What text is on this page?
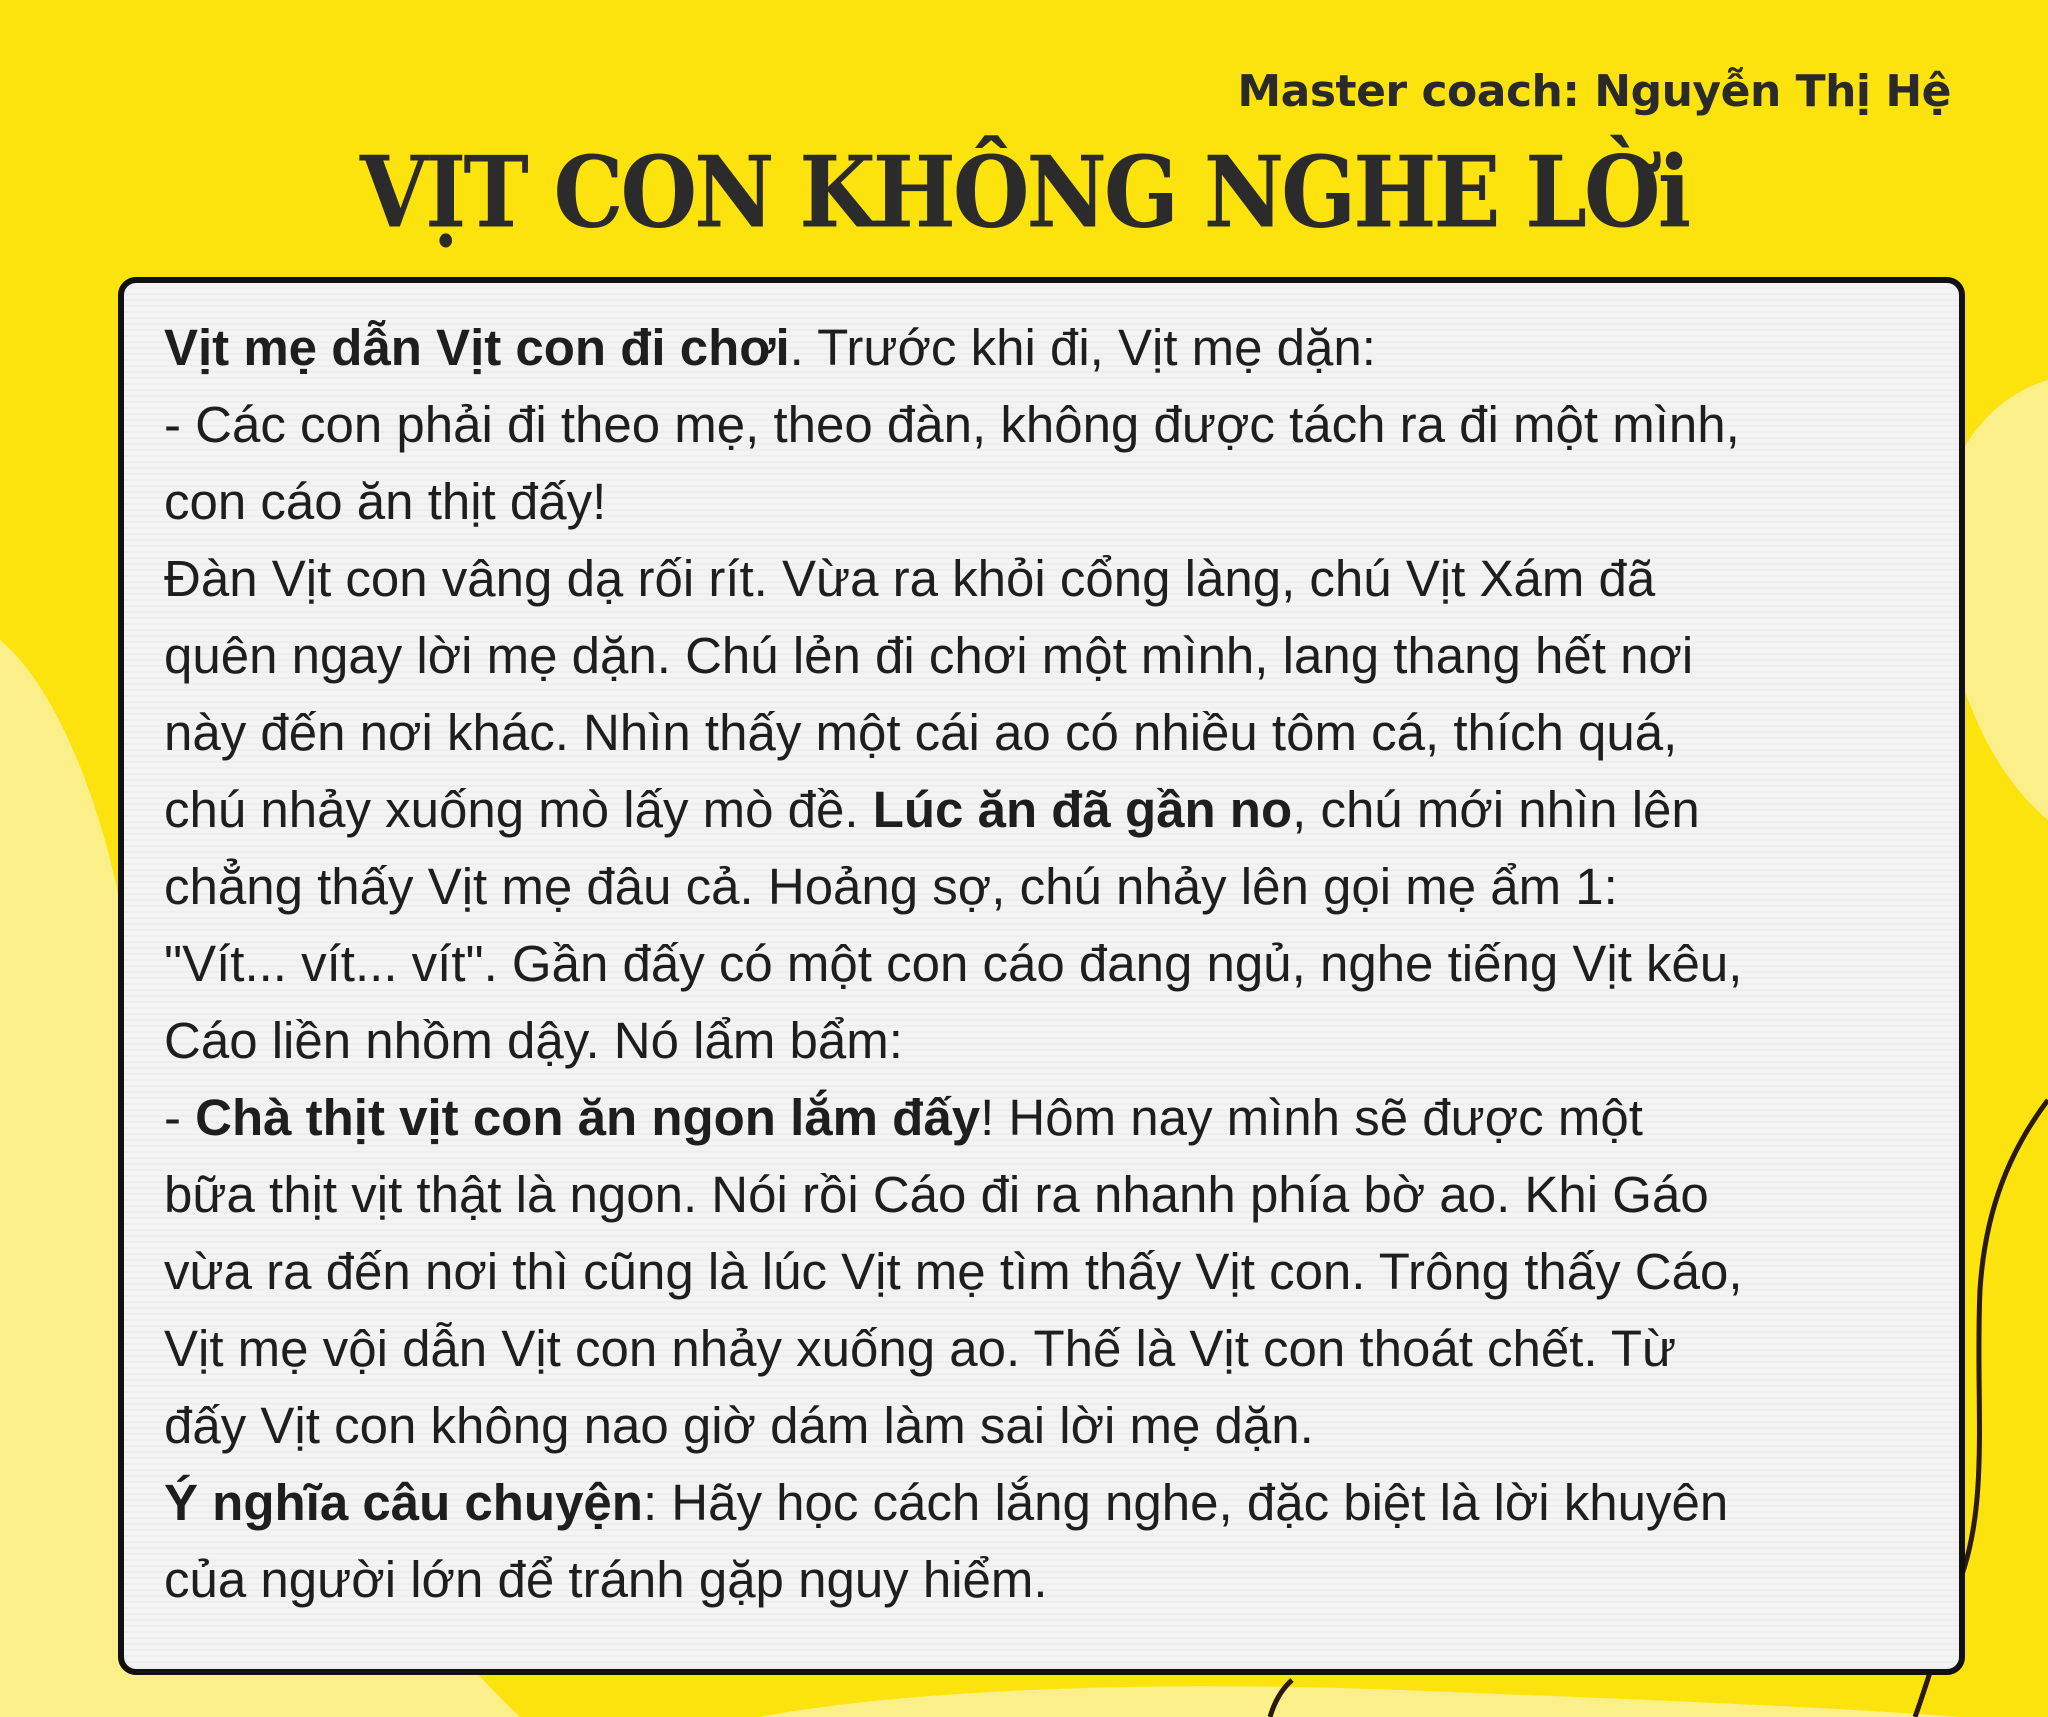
Master coach: Nguyễn Thị Hệ
VỊT CON KHÔNG NGHE LỜi
Vịt mẹ dẫn Vịt con đi chơi. Trước khi đi, Vịt mẹ dặn:
- Các con phải đi theo mẹ, theo đàn, không được tách ra đi một mình,
con cáo ăn thịt đấy!
Đàn Vịt con vâng dạ rối rít. Vừa ra khỏi cổng làng, chú Vịt Xám đã
quên ngay lời mẹ dặn. Chú lẻn đi chơi một mình, lang thang hết nơi
này đến nơi khác. Nhìn thấy một cái ao có nhiều tôm cá, thích quá,
chú nhảy xuống mò lấy mò đề. Lúc ăn đã gần no, chú mới nhìn lên
chẳng thấy Vịt mẹ đâu cả. Hoảng sợ, chú nhảy lên gọi mẹ ẩm 1:
"Vít... vít... vít". Gần đấy có một con cáo đang ngủ, nghe tiếng Vịt kêu,
Cáo liền nhồm dậy. Nó lẩm bẩm:
- Chà thịt vịt con ăn ngon lắm đấy! Hôm nay mình sẽ được một
bữa thịt vịt thật là ngon. Nói rồi Cáo đi ra nhanh phía bờ ao. Khi Gáo
vừa ra đến nơi thì cũng là lúc Vịt mẹ tìm thấy Vịt con. Trông thấy Cáo,
Vịt mẹ vội dẫn Vịt con nhảy xuống ao. Thế là Vịt con thoát chết. Từ
đấy Vịt con không nao giờ dám làm sai lời mẹ dặn.
Ý nghĩa câu chuyện: Hãy học cách lắng nghe, đặc biệt là lời khuyên
của người lớn để tránh gặp nguy hiểm.
